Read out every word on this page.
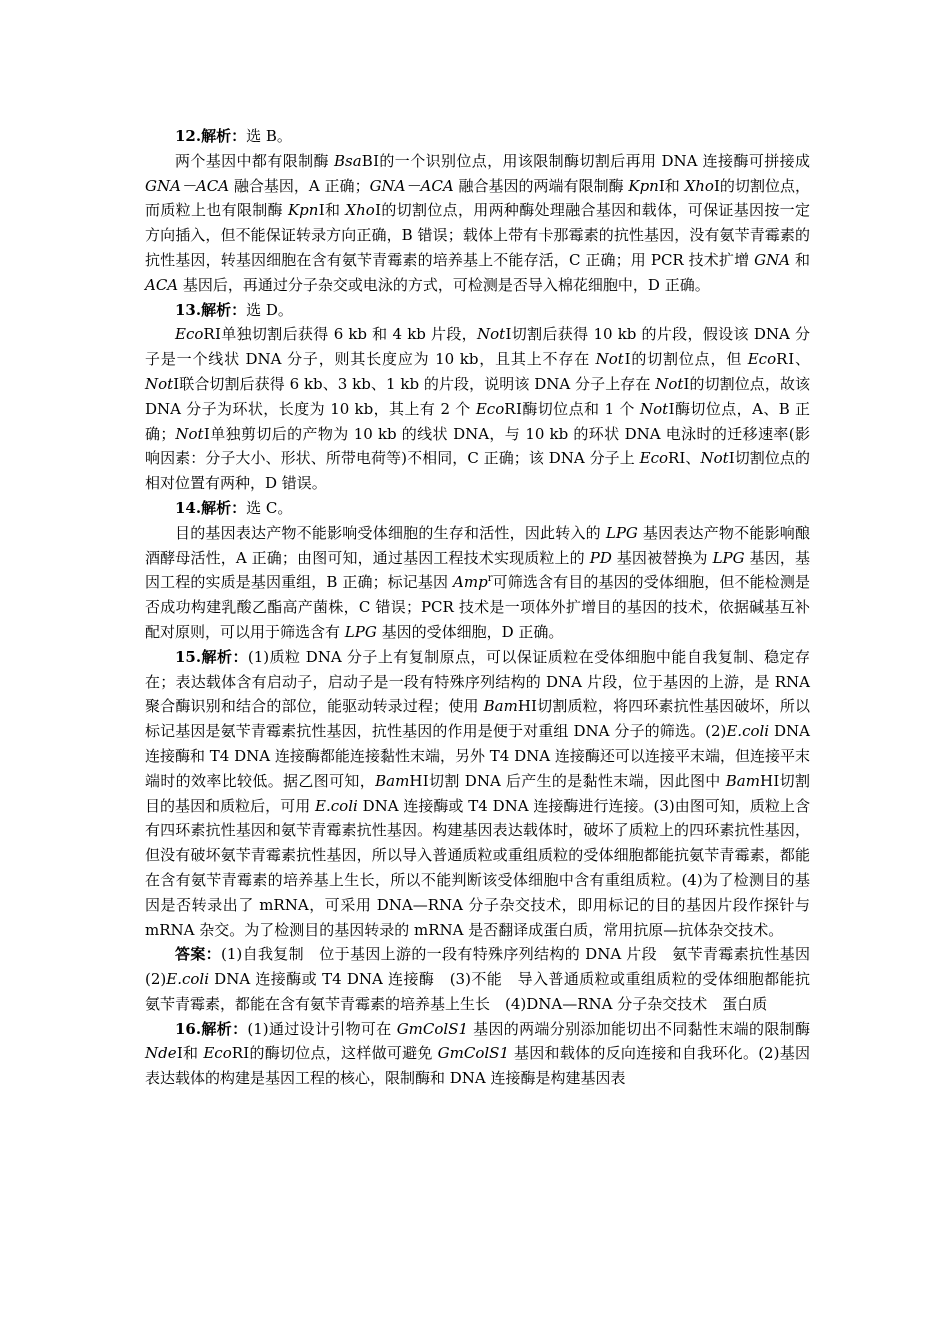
12.解析：选 B。

两个基因中都有限制酶 BsaBⅠ的一个识别位点，用该限制酶切割后再用 DNA 连接酶可拼接成 GNA－ACA 融合基因，A 正确；GNA－ACA 融合基因的两端有限制酶 KpnⅠ和 XhoⅠ的切割位点，而质粒上也有限制酶 KpnⅠ和 XhoⅠ的切割位点，用两种酶处理融合基因和载体，可保证基因按一定方向插入，但不能保证转录方向正确，B 错误；载体上带有卡那霉素的抗性基因，没有氨苄青霉素的抗性基因，转基因细胞在含有氨苄青霉素的培养基上不能存活，C 正确；用 PCR 技术扩增 GNA 和 ACA 基因后，再通过分子杂交或电泳的方式，可检测是否导入棉花细胞中，D 正确。

13.解析：选 D。

EcoRⅠ单独切割后获得 6 kb 和 4 kb 片段，NotⅠ切割后获得 10 kb 的片段，假设该 DNA 分子是一个线状 DNA 分子，则其长度应为 10 kb，且其上不存在 NotⅠ的切割位点，但 EcoRⅠ、NotⅠ联合切割后获得 6 kb、3 kb、1 kb 的片段，说明该 DNA 分子上存在 NotⅠ的切割位点，故该 DNA 分子为环状，长度为 10 kb，其上有 2 个 EcoRⅠ酶切位点和 1 个 NotⅠ酶切位点，A、B 正确；NotⅠ单独剪切后的产物为 10 kb 的线状 DNA，与 10 kb 的环状 DNA 电泳时的迁移速率(影响因素：分子大小、形状、所带电荷等)不相同，C 正确；该 DNA 分子上 EcoRⅠ、NotⅠ切割位点的相对位置有两种，D 错误。

14.解析：选 C。

目的基因表达产物不能影响受体细胞的生存和活性，因此转入的 LPG 基因表达产物不能影响酿酒酵母活性，A 正确；由图可知，通过基因工程技术实现质粒上的 PD 基因被替换为 LPG 基因，基因工程的实质是基因重组，B 正确；标记基因 Amp$^r$可筛选含有目的基因的受体细胞，但不能检测是否成功构建乳酸乙酯高产菌株，C 错误；PCR 技术是一项体外扩增目的基因的技术，依据碱基互补配对原则，可以用于筛选含有 LPG 基因的受体细胞，D 正确。

15.解析：(1)质粒 DNA 分子上有复制原点，可以保证质粒在受体细胞中能自我复制、稳定存在；表达载体含有启动子，启动子是一段有特殊序列结构的 DNA 片段，位于基因的上游，是 RNA 聚合酶识别和结合的部位，能驱动转录过程；使用 BamHⅠ切割质粒，将四环素抗性基因破坏，所以标记基因是氨苄青霉素抗性基因，抗性基因的作用是便于对重组 DNA 分子的筛选。(2)E.coli DNA 连接酶和 T4 DNA 连接酶都能连接黏性末端，另外 T4 DNA 连接酶还可以连接平末端，但连接平末端时的效率比较低。据乙图可知，BamHⅠ切割 DNA 后产生的是黏性末端，因此图中 BamHⅠ切割目的基因和质粒后，可用 E.coli DNA 连接酶或 T4 DNA 连接酶进行连接。(3)由图可知，质粒上含有四环素抗性基因和氨苄青霉素抗性基因。构建基因表达载体时，破坏了质粒上的四环素抗性基因，但没有破坏氨苄青霉素抗性基因，所以导入普通质粒或重组质粒的受体细胞都能抗氨苄青霉素，都能在含有氨苄青霉素的培养基上生长，所以不能判断该受体细胞中含有重组质粒。(4)为了检测目的基因是否转录出了 mRNA，可采用 DNA—RNA 分子杂交技术，即用标记的目的基因片段作探针与 mRNA 杂交。为了检测目的基因转录的 mRNA 是否翻译成蛋白质，常用抗原—抗体杂交技术。

答案：(1)自我复制　位于基因上游的一段有特殊序列结构的 DNA 片段　氨苄青霉素抗性基因　(2)E.coli DNA 连接酶或 T4 DNA 连接酶　(3)不能　导入普通质粒或重组质粒的受体细胞都能抗氨苄青霉素，都能在含有氨苄青霉素的培养基上生长　(4)DNA—RNA 分子杂交技术　蛋白质

16.解析：(1)通过设计引物可在 GmColS1 基因的两端分别添加能切出不同黏性末端的限制酶 NdeⅠ和 EcoRⅠ的酶切位点，这样做可避免 GmColS1 基因和载体的反向连接和自我环化。(2)基因表达载体的构建是基因工程的核心，限制酶和 DNA 连接酶是构建基因表
